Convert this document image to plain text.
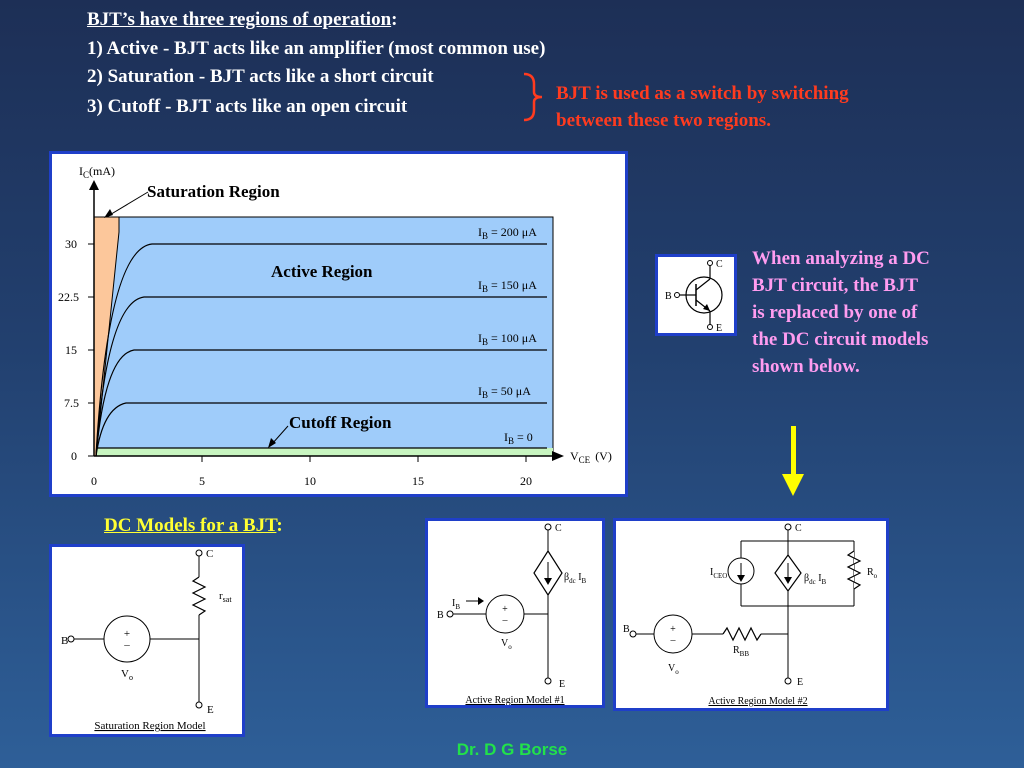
BJT’s have three regions of operation:
1) Active - BJT acts like an amplifier (most common use)
2) Saturation - BJT acts like a short circuit
3) Cutoff - BJT acts like an open circuit
BJT is used as a switch by switching
between these two regions.
30
22.5
15
7.5
0
0	5	10	15	20
$I_C(mA)$
$V_{CE}$ (V)
$I_B = 200$ μA
$I_B = 150$ μA
$I_B = 100$ μA
$I_B = 50$ μA
$I_B = 0$
Saturation Region
Active Region
Cutoff Region
C
B
E
When analyzing a DC
BJT circuit, the BJT
is replaced by one of
the DC circuit models
shown below.
DC Models for a BJT:
C
$r_{sat}$
E
B
+
–
$V_o$
Saturation Region Model
C
$\beta_{dc}$ $I_B$
E
B
$I_B$	+
–
$V_o$
Active Region Model #1
C
$I_{CEO}$	$\beta_{dc}$ $I_B$
$R_o$
E
B	+
–
$V_o$
$R_{BB}$
Active Region Model #2
Dr. D G Borse
